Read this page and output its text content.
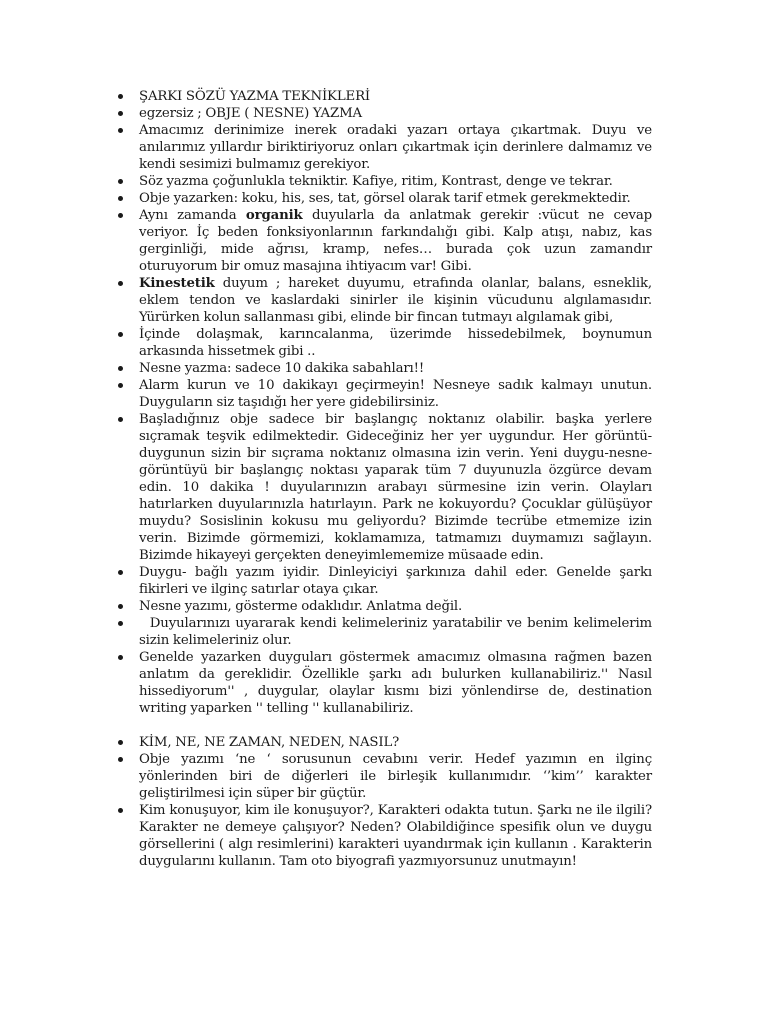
ŞARKI SÖZÜ YAZMA TEKNİKLERİ
egzersiz ; OBJE ( NESNE) YAZMA
Amacımız derinimize inerek oradaki yazarı ortaya çıkartmak. Duyu ve anılarımız yıllardır biriktiriyoruz onları çıkartmak için derinlere dalmamız ve kendi sesimizi bulmamız gerekiyor.
Söz yazma çoğunlukla tekniktir. Kafiye, ritim, Kontrast, denge ve tekrar.
Obje yazarken: koku, his, ses, tat, görsel olarak tarif etmek gerekmektedir.
Aynı zamanda organik duyularla da anlatmak gerekir :vücut ne cevap veriyor. İç beden fonksiyonlarının farkındalığı gibi. Kalp atışı, nabız, kas gerginliği, mide ağrısı, kramp, nefes… burada çok uzun zamandır oturuyorum bir omuz masajına ihtiyacım var! Gibi.
Kinestetik duyum ; hareket duyumu, etrafında olanlar, balans, esneklik, eklem tendon ve kaslardaki sinirler ile kişinin vücudunu algılamasıdır. Yürürken kolun sallanması gibi, elinde bir fincan tutmayı algılamak gibi,
İçinde dolaşmak, karıncalanma, üzerimde hissedebilmek, boynumun arkasında hissetmek gibi ..
Nesne yazma: sadece 10 dakika sabahları!!
Alarm kurun ve 10 dakikayı geçirmeyin! Nesneye sadık kalmayı unutun. Duyguların siz taşıdığı her yere gidebilirsiniz.
Başladığınız obje sadece bir başlangıç noktanız olabilir. başka yerlere sıçramak teşvik edilmektedir. Gideceğiniz her yer uygundur. Her görüntü-duygunun sizin bir sıçrama noktanız olmasına izin verin. Yeni duygu-nesne- görüntüyü bir başlangıç noktası yaparak tüm 7 duyunuzla özgürce devam edin. 10 dakika ! duyularınızın arabayı sürmesine izin verin. Olayları hatırlarken duyularınızla hatırlayın. Park ne kokuyordu? Çocuklar gülüşüyor muydu? Sosislinin kokusu mu geliyordu? Bizimde tecrübe etmemize izin verin. Bizimde görmemizi, koklamamıza, tatmamızı duymamızı sağlayın. Bizimde hikayeyi gerçekten deneyimlememize müsaade edin.
Duygu- bağlı yazım iyidir. Dinleyiciyi şarkınıza dahil eder. Genelde şarkı fikirleri ve ilginç satırlar otaya çıkar.
Nesne yazımı, gösterme odaklıdır. Anlatma değil.
Duyularınızı uyararak kendi kelimeleriniz yaratabilir ve benim kelimelerim sizin kelimeleriniz olur.
Genelde yazarken duyguları göstermek amacımız olmasına rağmen bazen anlatım da gereklidir. Özellikle şarkı adı bulurken kullanabiliriz.'' Nasıl hissediyorum'' , duygular, olaylar kısmı bizi yönlendirse de, destination writing yaparken '' telling '' kullanabiliriz.
KİM, NE, NE ZAMAN, NEDEN, NASIL?
Obje yazımı ‘ne ‘ sorusunun cevabını verir. Hedef yazımın en ilginç yönlerinden biri de diğerleri ile birleşik kullanımıdır. ‘’kim’’ karakter geliştirilmesi için süper bir güçtür.
Kim konuşuyor, kim ile konuşuyor?, Karakteri odakta tutun. Şarkı ne ile ilgili? Karakter ne demeye çalışıyor? Neden? Olabildiğince spesifik olun ve duygu görsellerini ( algı resimlerini) karakteri uyandırmak için kullanın . Karakterin duygularını kullanın. Tam oto biyografi yazmıyorsunuz unutmayın!
